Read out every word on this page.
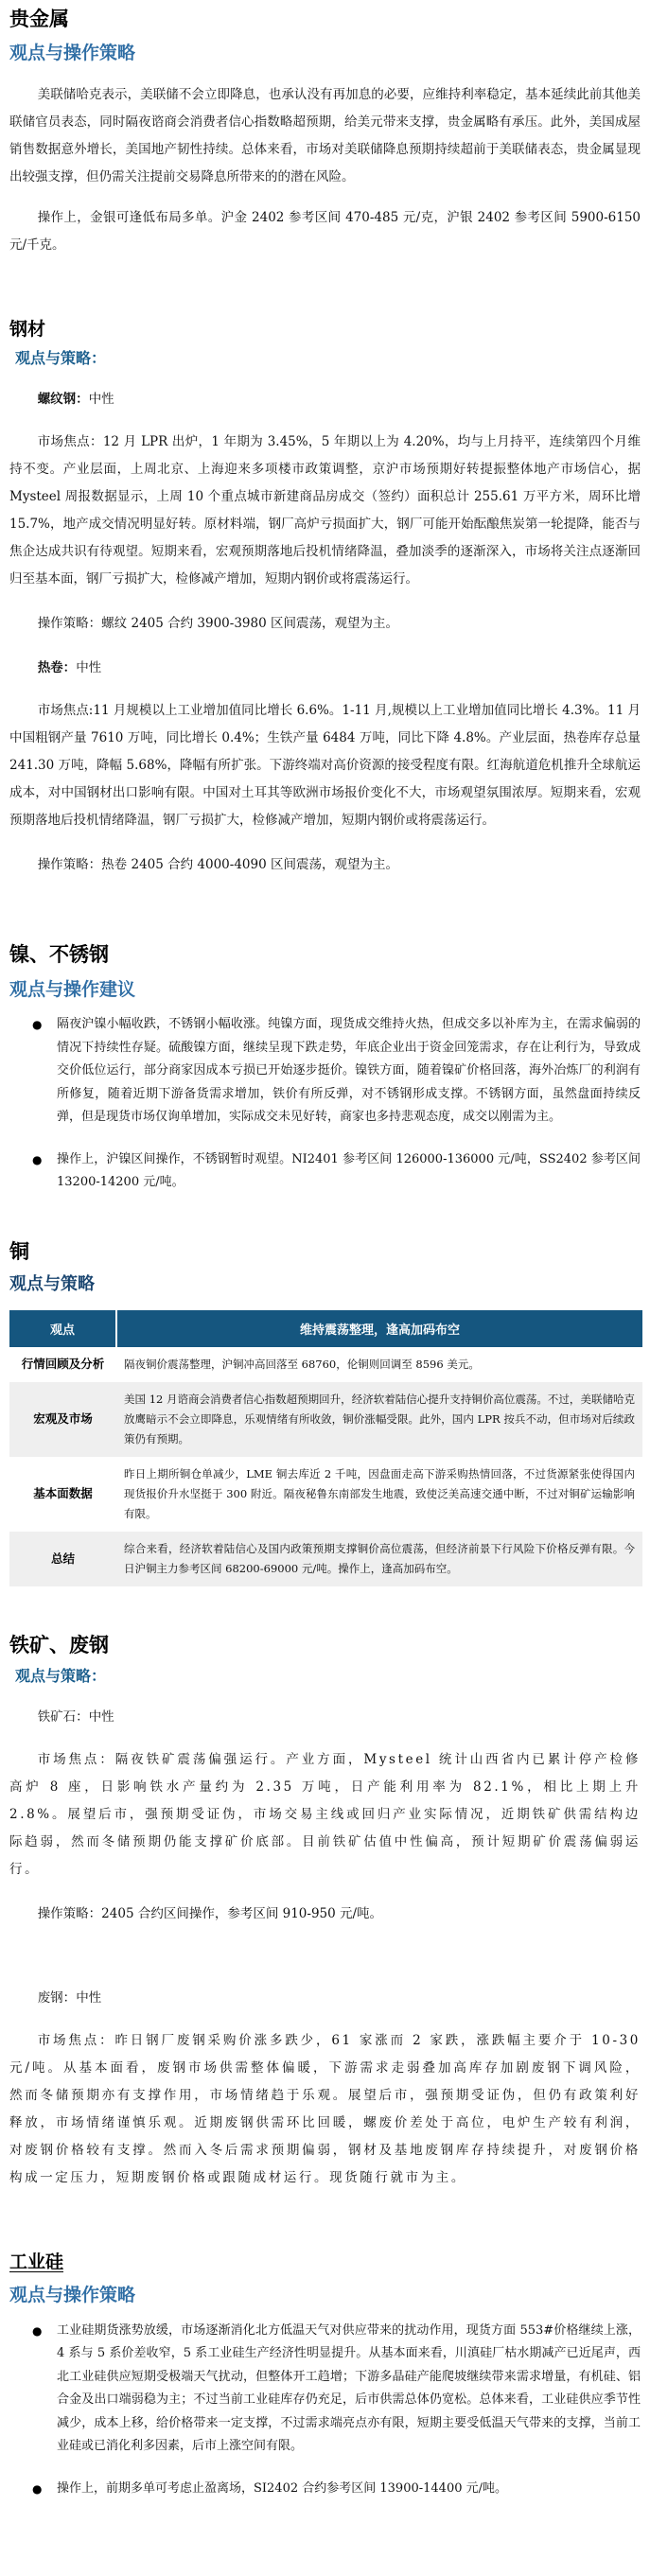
贵金属
观点与操作策略

美联储哈克表示，美联储不会立即降息，也承认没有再加息的必要，应维持利率稳定，基本延续此前其他美联储官员表态，同时隔夜谘商会消费者信心指数略超预期，给美元带来支撑，贵金属略有承压。此外，美国成屋销售数据意外增长，美国地产韧性持续。总体来看，市场对美联储降息预期持续超前于美联储表态，贵金属显现出较强支撑，但仍需关注提前交易降息所带来的的潜在风险。

操作上，金银可逢低布局多单。沪金 2402 参考区间 470-485 元/克，沪银 2402 参考区间 5900-6150 元/千克。

钢材
观点与策略：

螺纹钢：中性

市场焦点：12 月 LPR 出炉，1 年期为 3.45%，5 年期以上为 4.20%，均与上月持平，连续第四个月维持不变。产业层面，上周北京、上海迎来多项楼市政策调整，京沪市场预期好转提振整体地产市场信心，据 Mysteel 周报数据显示，上周 10 个重点城市新建商品房成交（签约）面积总计 255.61 万平方米，周环比增 15.7%，地产成交情况明显好转。原材料端，钢厂高炉亏损面扩大，钢厂可能开始酝酿焦炭第一轮提降，能否与焦企达成共识有待观望。短期来看，宏观预期落地后投机情绪降温，叠加淡季的逐渐深入，市场将关注点逐渐回归至基本面，钢厂亏损扩大，检修减产增加，短期内钢价或将震荡运行。

操作策略：螺纹 2405 合约 3900-3980 区间震荡，观望为主。

热卷：中性

市场焦点:11 月规模以上工业增加值同比增长 6.6%。1-11 月,规模以上工业增加值同比增长 4.3%。11 月中国粗钢产量 7610 万吨，同比增长 0.4%；生铁产量 6484 万吨，同比下降 4.8%。产业层面，热卷库存总量 241.30 万吨，降幅 5.68%，降幅有所扩张。下游终端对高价资源的接受程度有限。红海航道危机推升全球航运成本，对中国钢材出口影响有限。中国对土耳其等欧洲市场报价变化不大，市场观望氛围浓厚。短期来看，宏观预期落地后投机情绪降温，钢厂亏损扩大，检修减产增加，短期内钢价或将震荡运行。

操作策略：热卷 2405 合约 4000-4090 区间震荡，观望为主。

镍、不锈钢
观点与操作建议
● 隔夜沪镍小幅收跌，不锈钢小幅收涨。纯镍方面，现货成交维持火热，但成交多以补库为主，在需求偏弱的情况下持续性存疑。硫酸镍方面，继续呈现下跌走势，年底企业出于资金回笼需求，存在让利行为，导致成交价低位运行，部分商家因成本亏损已开始逐步挺价。镍铁方面，随着镍矿价格回落，海外冶炼厂的利润有所修复，随着近期下游备货需求增加，铁价有所反弹，对不锈钢形成支撑。不锈钢方面，虽然盘面持续反弹，但是现货市场仅询单增加，实际成交未见好转，商家也多持悲观态度，成交以刚需为主。
● 操作上，沪镍区间操作，不锈钢暂时观望。NI2401 参考区间 126000-136000 元/吨，SS2402 参考区间 13200-14200 元/吨。
铜
观点与策略
观点	维持震荡整理，逢高加码布空
行情回顾及分析	隔夜铜价震荡整理，沪铜冲高回落至 68760，伦铜则回调至 8596 美元。
宏观及市场	美国 12 月谘商会消费者信心指数超预期回升，经济软着陆信心提升支持铜价高位震荡。不过，美联储哈克放鹰暗示不会立即降息，乐观情绪有所收敛，铜价涨幅受限。此外，国内 LPR 按兵不动，但市场对后续政策仍有预期。
基本面数据	昨日上期所铜仓单减少，LME 铜去库近 2 千吨，因盘面走高下游采购热情回落，不过货源紧张使得国内现货报价升水坚挺于 300 附近。隔夜秘鲁东南部发生地震，致使泛美高速交通中断，不过对铜矿运输影响有限。
总结	综合来看，经济软着陆信心及国内政策预期支撑铜价高位震荡，但经济前景下行风险下价格反弹有限。今日沪铜主力参考区间 68200-69000 元/吨。操作上，逢高加码布空。
铁矿、废钢
观点与策略：

铁矿石：中性

市场焦点：隔夜铁矿震荡偏强运行。产业方面，Mysteel 统计山西省内已累计停产检修高炉 8 座，日影响铁水产量约为 2.35 万吨，日产能利用率为 82.1%，相比上期上升 2.8%。展望后市，强预期受证伪，市场交易主线或回归产业实际情况，近期铁矿供需结构边际趋弱，然而冬储预期仍能支撑矿价底部。目前铁矿估值中性偏高，预计短期矿价震荡偏弱运行。

操作策略：2405 合约区间操作，参考区间 910-950 元/吨。

废钢：中性

市场焦点：昨日钢厂废钢采购价涨多跌少，61 家涨而 2 家跌，涨跌幅主要介于 10-30 元/吨。从基本面看，废钢市场供需整体偏暖，下游需求走弱叠加高库存加剧废钢下调风险，然而冬储预期亦有支撑作用，市场情绪趋于乐观。展望后市，强预期受证伪，但仍有政策利好释放，市场情绪谨慎乐观。近期废钢供需环比回暖，螺废价差处于高位，电炉生产较有利润，对废钢价格较有支撑。然而入冬后需求预期偏弱，钢材及基地废钢库存持续提升，对废钢价格构成一定压力，短期废钢价格或跟随成材运行。现货随行就市为主。

工业硅
观点与操作策略
● 工业硅期货涨势放缓，市场逐渐消化北方低温天气对供应带来的扰动作用，现货方面 553#价格继续上涨，4 系与 5 系价差收窄，5 系工业硅生产经济性明显提升。从基本面来看，川滇硅厂枯水期减产已近尾声，西北工业硅供应短期受极端天气扰动，但整体开工趋增；下游多晶硅产能爬坡继续带来需求增量，有机硅、铝合金及出口端弱稳为主；不过当前工业硅库存仍充足，后市供需总体仍宽松。总体来看，工业硅供应季节性减少，成本上移，给价格带来一定支撑，不过需求端亮点亦有限，短期主要受低温天气带来的支撑，当前工业硅或已消化利多因素，后市上涨空间有限。
● 操作上，前期多单可考虑止盈离场，SI2402 合约参考区间 13900-14400 元/吨。
